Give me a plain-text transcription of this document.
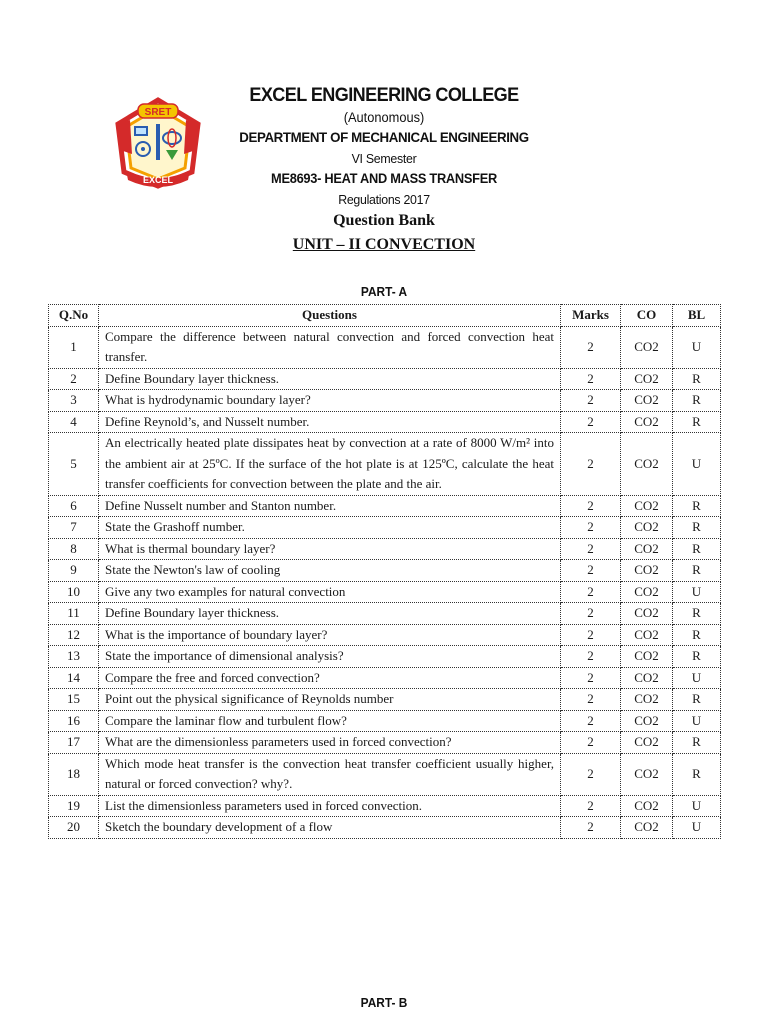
SRET
EXCEL
EXCEL ENGINEERING COLLEGE
(Autonomous)
DEPARTMENT OF MECHANICAL ENGINEERING
VI Semester
ME8693- HEAT AND MASS TRANSFER
Regulations 2017
Question Bank
UNIT – II CONVECTION
PART- A
Q.No	Questions	Marks	CO	BL
1	Compare the difference between natural convection and forced convection heat transfer.	2	CO2	U
2	Define Boundary layer thickness.	2	CO2	R
3	What is hydrodynamic boundary layer?	2	CO2	R
4	Define Reynold’s, and Nusselt number.	2	CO2	R
5	An electrically heated plate dissipates heat by convection at a rate of 8000 W/m² into the ambient air at 25ºC. If the surface of the hot plate is at 125ºC, calculate the heat transfer coefficients for convection between the plate and the air.	2	CO2	U
6	Define Nusselt number and Stanton number.	2	CO2	R
7	State the Grashoff number.	2	CO2	R
8	What is thermal boundary layer?	2	CO2	R
9	State the Newton's law of cooling	2	CO2	R
10	Give any two examples for natural convection	2	CO2	U
11	Define Boundary layer thickness.	2	CO2	R
12	What is the importance of boundary layer?	2	CO2	R
13	State the importance of dimensional analysis?	2	CO2	R
14	Compare the free and forced convection?	2	CO2	U
15	Point out the physical significance of Reynolds number	2	CO2	R
16	Compare the laminar flow and turbulent flow?	2	CO2	U
17	What are the dimensionless parameters used in forced convection?	2	CO2	R
18	Which mode heat transfer is the convection heat transfer coefficient usually higher, natural or forced convection? why?.	2	CO2	R
19	List the dimensionless parameters used in forced convection.	2	CO2	U
20	Sketch the boundary development of a flow	2	CO2	U
PART- B
